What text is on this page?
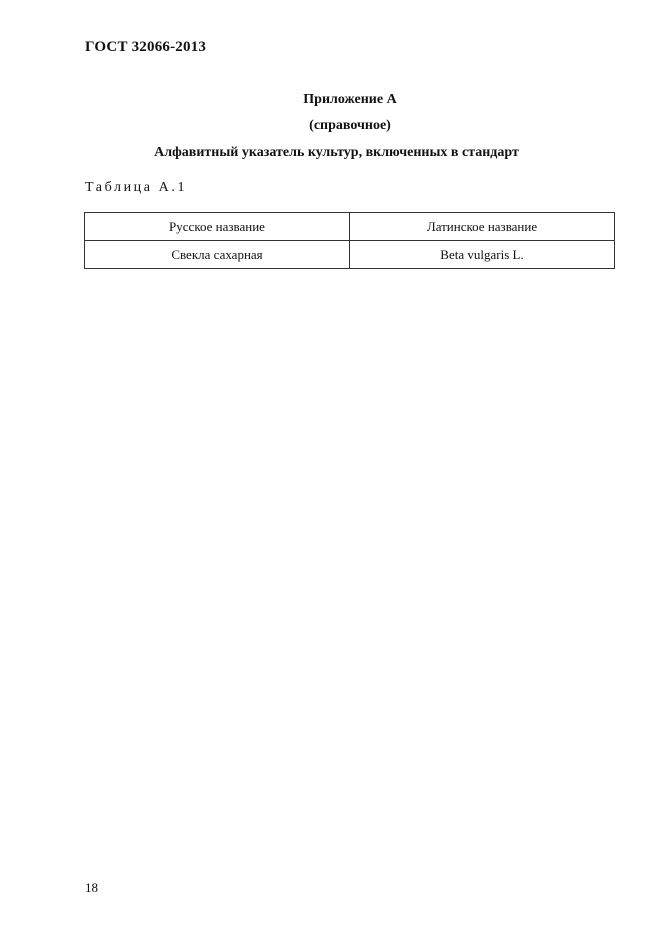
ГОСТ 32066-2013
Приложение А
(справочное)
Алфавитный указатель культур, включенных в стандарт
Таблица А.1
Русское название	Латинское название
Свекла сахарная	Beta vulgaris L.
18
